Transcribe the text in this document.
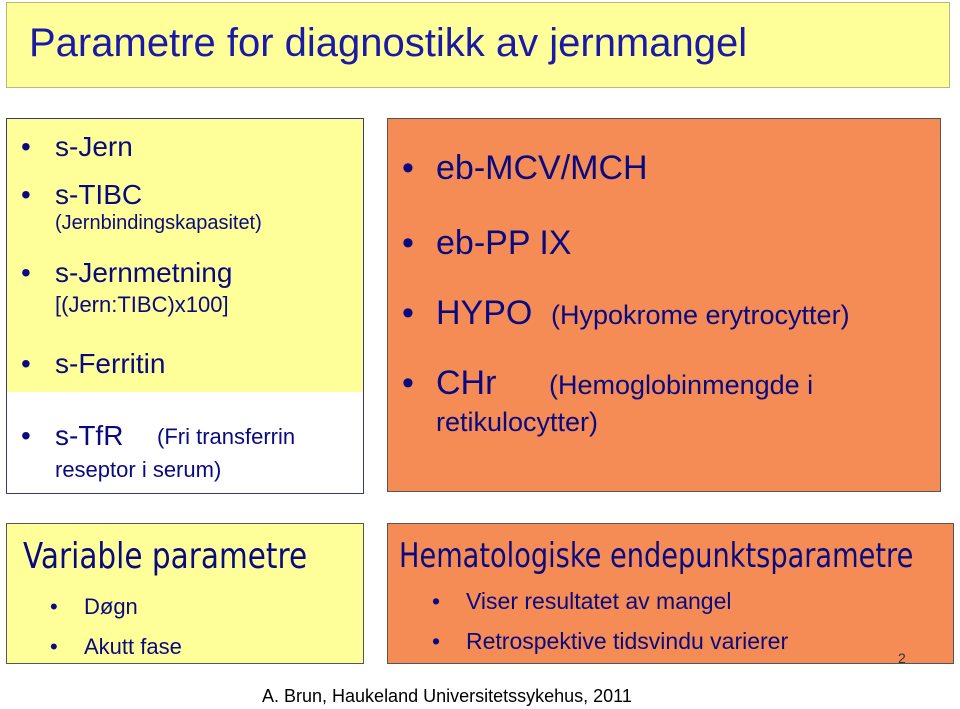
Parametre for diagnostikk av jernmangel
• s-Jern
• s-TIBC
(Jernbindingskapasitet)
• s-Jernmetning
[(Jern:TIBC)x100]
• s-Ferritin
• s-TfR (Fri transferrin
reseptor i serum)
• eb-MCV/MCH
• eb-PP IX
• HYPO (Hypokrome erytrocytter)
• CHr (Hemoglobinmengde i
retikulocytter)
Variable parametre
• Døgn
• Akutt fase
Hematologiske endepunktsparametre
• Viser resultatet av mangel
• Retrospektive tidsvindu varierer
2
A. Brun, Haukeland Universitetssykehus, 2011
